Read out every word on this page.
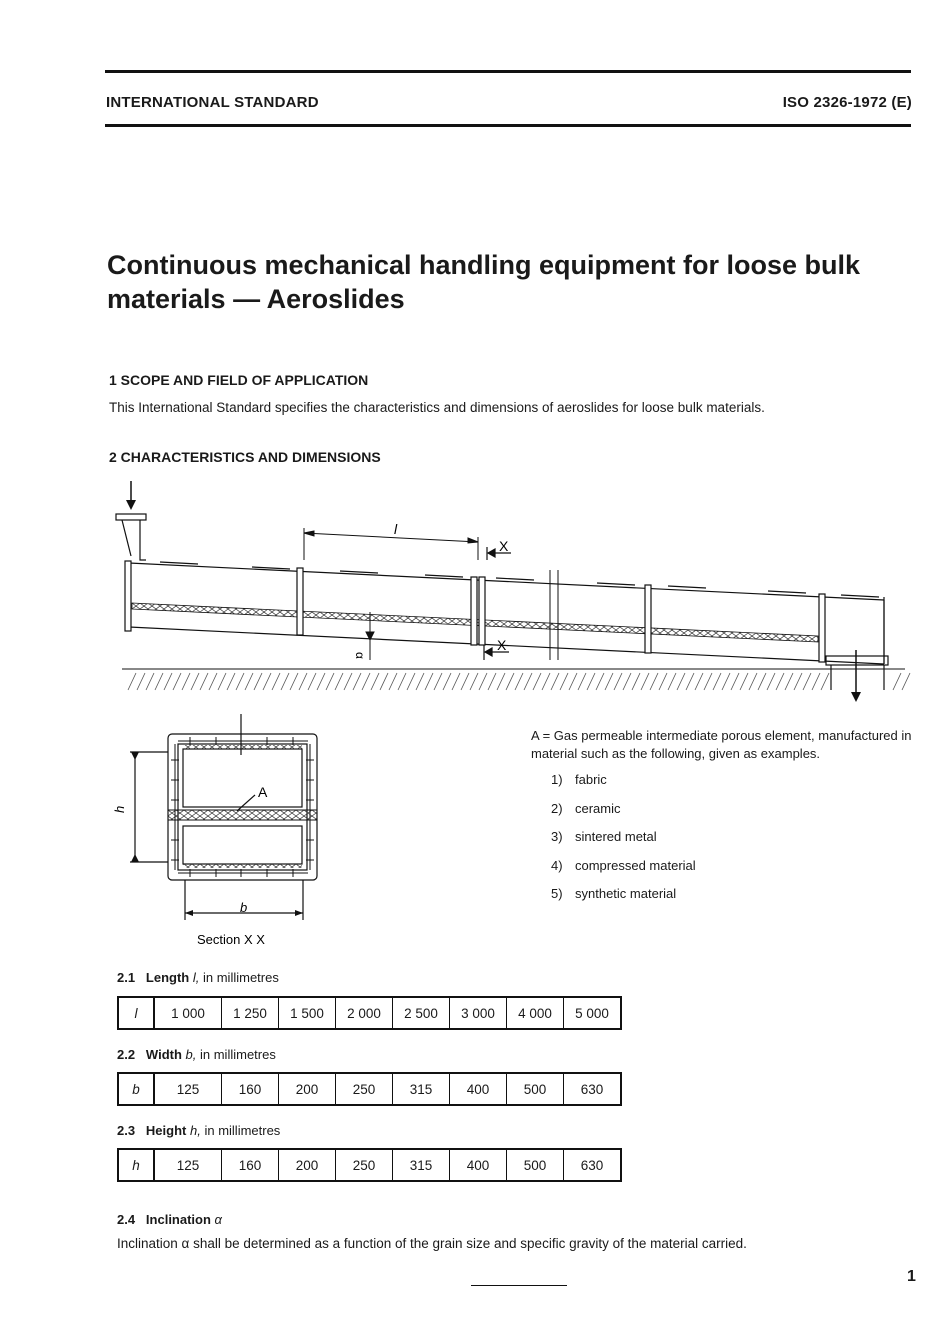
INTERNATIONAL STANDARD	ISO 2326-1972 (E)
Continuous mechanical handling equipment for loose bulk
materials — Aeroslides
1 SCOPE AND FIELD OF APPLICATION
This International Standard specifies the characteristics and dimensions of aeroslides for loose bulk materials.
2 CHARACTERISTICS AND DIMENSIONS
l
X
X
α
A
h
b
Section X X
A = Gas permeable intermediate porous element, manufactured in material such as the following, given as examples.
1) fabric
2) ceramic
3) sintered metal
4) compressed material
5) synthetic material
2.1 Length l, in millimetres
l	1 000	1 250	1 500	2 000	2 500	3 000	4 000	5 000
2.2 Width b, in millimetres
b	125	160	200	250	315	400	500	630
2.3 Height h, in millimetres
h	125	160	200	250	315	400	500	630
2.4 Inclination α
Inclination α shall be determined as a function of the grain size and specific gravity of the material carried.
1
